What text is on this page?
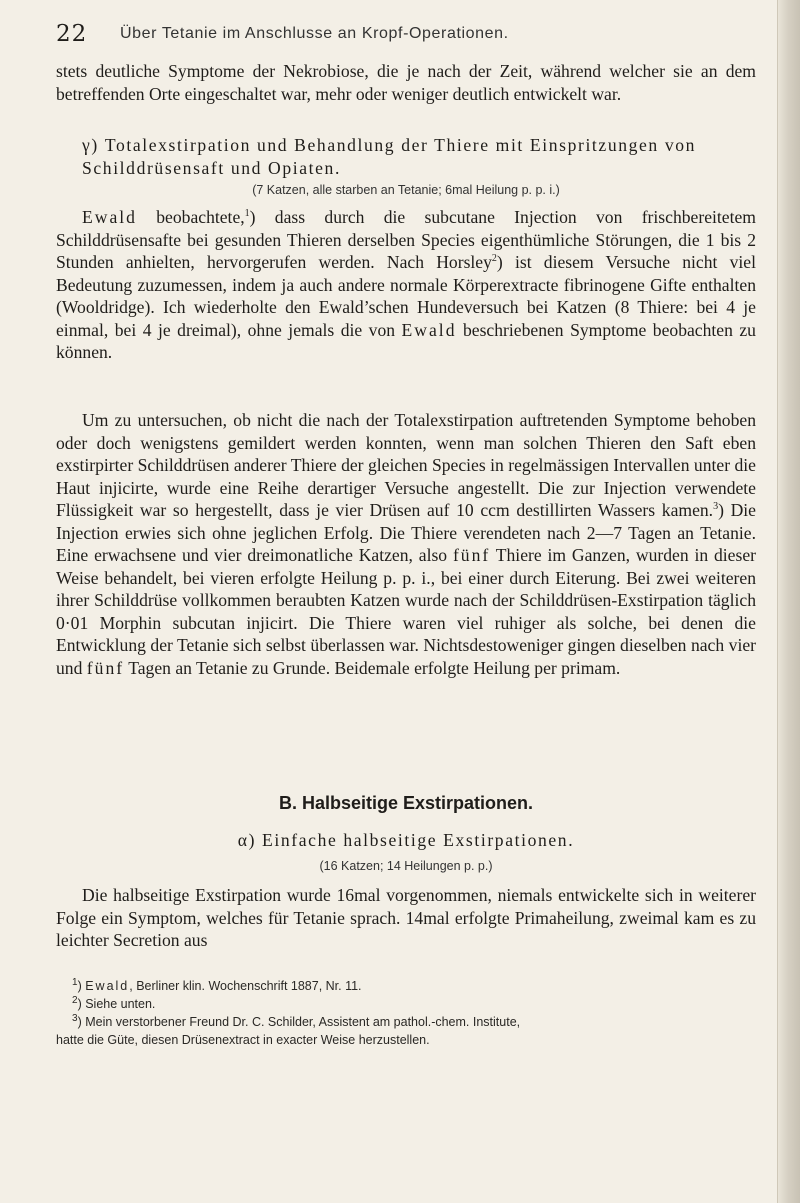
22 Über Tetanie im Anschlusse an Kropf-Operationen.
stets deutliche Symptome der Nekrobiose, die je nach der Zeit, während welcher sie an dem betreffenden Orte eingeschaltet war, mehr oder weniger deutlich entwickelt war.
γ) Totalexstirpation und Behandlung der Thiere mit Einspritzungen von Schilddrüsensaft und Opiaten.
(7 Katzen, alle starben an Tetanie; 6mal Heilung p. p. i.)
Ewald beobachtete,$^1$) dass durch die subcutane Injection von frischbereitetem Schilddrüsensafte bei gesunden Thieren derselben Species eigenthümliche Störungen, die 1 bis 2 Stunden anhielten, hervorgerufen werden. Nach Horsley$^2$) ist diesem Versuche nicht viel Bedeutung zuzumessen, indem ja auch andere normale Körperextracte fibrinogene Gifte enthalten (Wooldridge). Ich wiederholte den Ewald’schen Hundeversuch bei Katzen (8 Thiere: bei 4 je einmal, bei 4 je dreimal), ohne jemals die von Ewald beschriebenen Symptome beobachten zu können.
Um zu untersuchen, ob nicht die nach der Totalexstirpation auftretenden Symptome behoben oder doch wenigstens gemildert werden konnten, wenn man solchen Thieren den Saft eben exstirpirter Schilddrüsen anderer Thiere der gleichen Species in regelmässigen Intervallen unter die Haut injicirte, wurde eine Reihe derartiger Versuche angestellt. Die zur Injection verwendete Flüssigkeit war so hergestellt, dass je vier Drüsen auf 10 ccm destillirten Wassers kamen.$^3$) Die Injection erwies sich ohne jeglichen Erfolg. Die Thiere verendeten nach 2—7 Tagen an Tetanie. Eine erwachsene und vier dreimonatliche Katzen, also fünf Thiere im Ganzen, wurden in dieser Weise behandelt, bei vieren erfolgte Heilung p. p. i., bei einer durch Eiterung. Bei zwei weiteren ihrer Schilddrüse vollkommen beraubten Katzen wurde nach der Schilddrüsen-Exstirpation täglich 0·01 Morphin subcutan injicirt. Die Thiere waren viel ruhiger als solche, bei denen die Entwicklung der Tetanie sich selbst überlassen war. Nichtsdestoweniger gingen dieselben nach vier und fünf Tagen an Tetanie zu Grunde. Beidemale erfolgte Heilung per primam.
B. Halbseitige Exstirpationen.
α) Einfache halbseitige Exstirpationen.
(16 Katzen; 14 Heilungen p. p.)
Die halbseitige Exstirpation wurde 16mal vorgenommen, niemals entwickelte sich in weiterer Folge ein Symptom, welches für Tetanie sprach. 14mal erfolgte Primaheilung, zweimal kam es zu leichter Secretion aus
$^1$) Ewald, Berliner klin. Wochenschrift 1887, Nr. 11.
$^2$) Siehe unten.
$^3$) Mein verstorbener Freund Dr. C. Schilder, Assistent am pathol.-chem. Institute,
hatte die Güte, diesen Drüsenextract in exacter Weise herzustellen.
